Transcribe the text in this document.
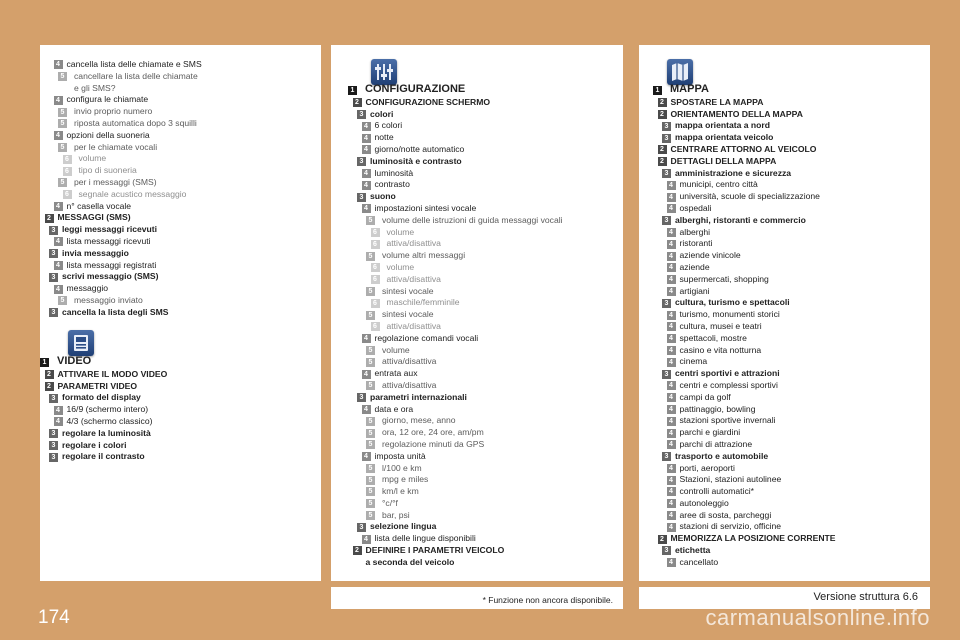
4 cancella lista delle chiamate e SMS
5 cancellare la lista delle chiamate
e gli SMS?
4 configura le chiamate
5 invio proprio numero
5 riposta automatica dopo 3 squilli
4 opzioni della suoneria
5 per le chiamate vocali
6 volume
6 tipo di suoneria
5 per i messaggi (SMS)
6 segnale acustico messaggio
4 n° casella vocale
2 MESSAGGI (SMS)
3 leggi messaggi ricevuti
4 lista messaggi ricevuti
3 invia messaggio
4 lista messaggi registrati
3 scrivi messaggio (SMS)
4 messaggio
5 messaggio inviato
3 cancella la lista degli SMS
1 VIDEO
2 ATTIVARE IL MODO VIDEO
2 PARAMETRI VIDEO
3 formato del display
4 16/9 (schermo intero)
4 4/3 (schermo classico)
3 regolare la luminosità
3 regolare i colori
3 regolare il contrasto
1 CONFIGURAZIONE
2 CONFIGURAZIONE SCHERMO
3 colori
4 6 colori
4 notte
4 giorno/notte automatico
3 luminosità e contrasto
4 luminosità
4 contrasto
3 suono
4 impostazioni sintesi vocale
5 volume delle istruzioni di guida messaggi vocali
6 volume
6 attiva/disattiva
5 volume altri messaggi
6 volume
6 attiva/disattiva
5 sintesi vocale
6 maschile/femminile
5 sintesi vocale
6 attiva/disattiva
4 regolazione comandi vocali
5 volume
5 attiva/disattiva
4 entrata aux
5 attiva/disattiva
3 parametri internazionali
4 data e ora
5 giorno, mese, anno
5 ora, 12 ore, 24 ore, am/pm
5 regolazione minuti da GPS
4 imposta unità
5 l/100 e km
5 mpg e miles
5 km/l e km
5 °c/°f
5 bar, psi
3 selezione lingua
4 lista delle lingue disponibili
2 DEFINIRE I PARAMETRI VEICOLO
a seconda del veicolo
1 MAPPA
2 SPOSTARE LA MAPPA
2 ORIENTAMENTO DELLA MAPPA
3 mappa orientata a nord
3 mappa orientata veicolo
2 CENTRARE ATTORNO AL VEICOLO
2 DETTAGLI DELLA MAPPA
3 amministrazione e sicurezza
4 municipi, centro città
4 università, scuole di specializzazione
4 ospedali
3 alberghi, ristoranti e commercio
4 alberghi
4 ristoranti
4 aziende vinicole
4 aziende
4 supermercati, shopping
4 artigiani
3 cultura, turismo e spettacoli
4 turismo, monumenti storici
4 cultura, musei e teatri
4 spettacoli, mostre
4 casino e vita notturna
4 cinema
3 centri sportivi e attrazioni
4 centri e complessi sportivi
4 campi da golf
4 pattinaggio, bowling
4 stazioni sportive invernali
4 parchi e giardini
4 parchi di attrazione
3 trasporto e automobile
4 porti, aeroporti
4 Stazioni, stazioni autolinee
4 controlli automatici*
4 autonoleggio
4 aree di sosta, parcheggi
4 stazioni di servizio, officine
2 MEMORIZZA LA POSIZIONE CORRENTE
3 etichetta
4 cancellato
* Funzione non ancora disponibile.	Versione struttura 6.6
174	carmanualsonline.info
